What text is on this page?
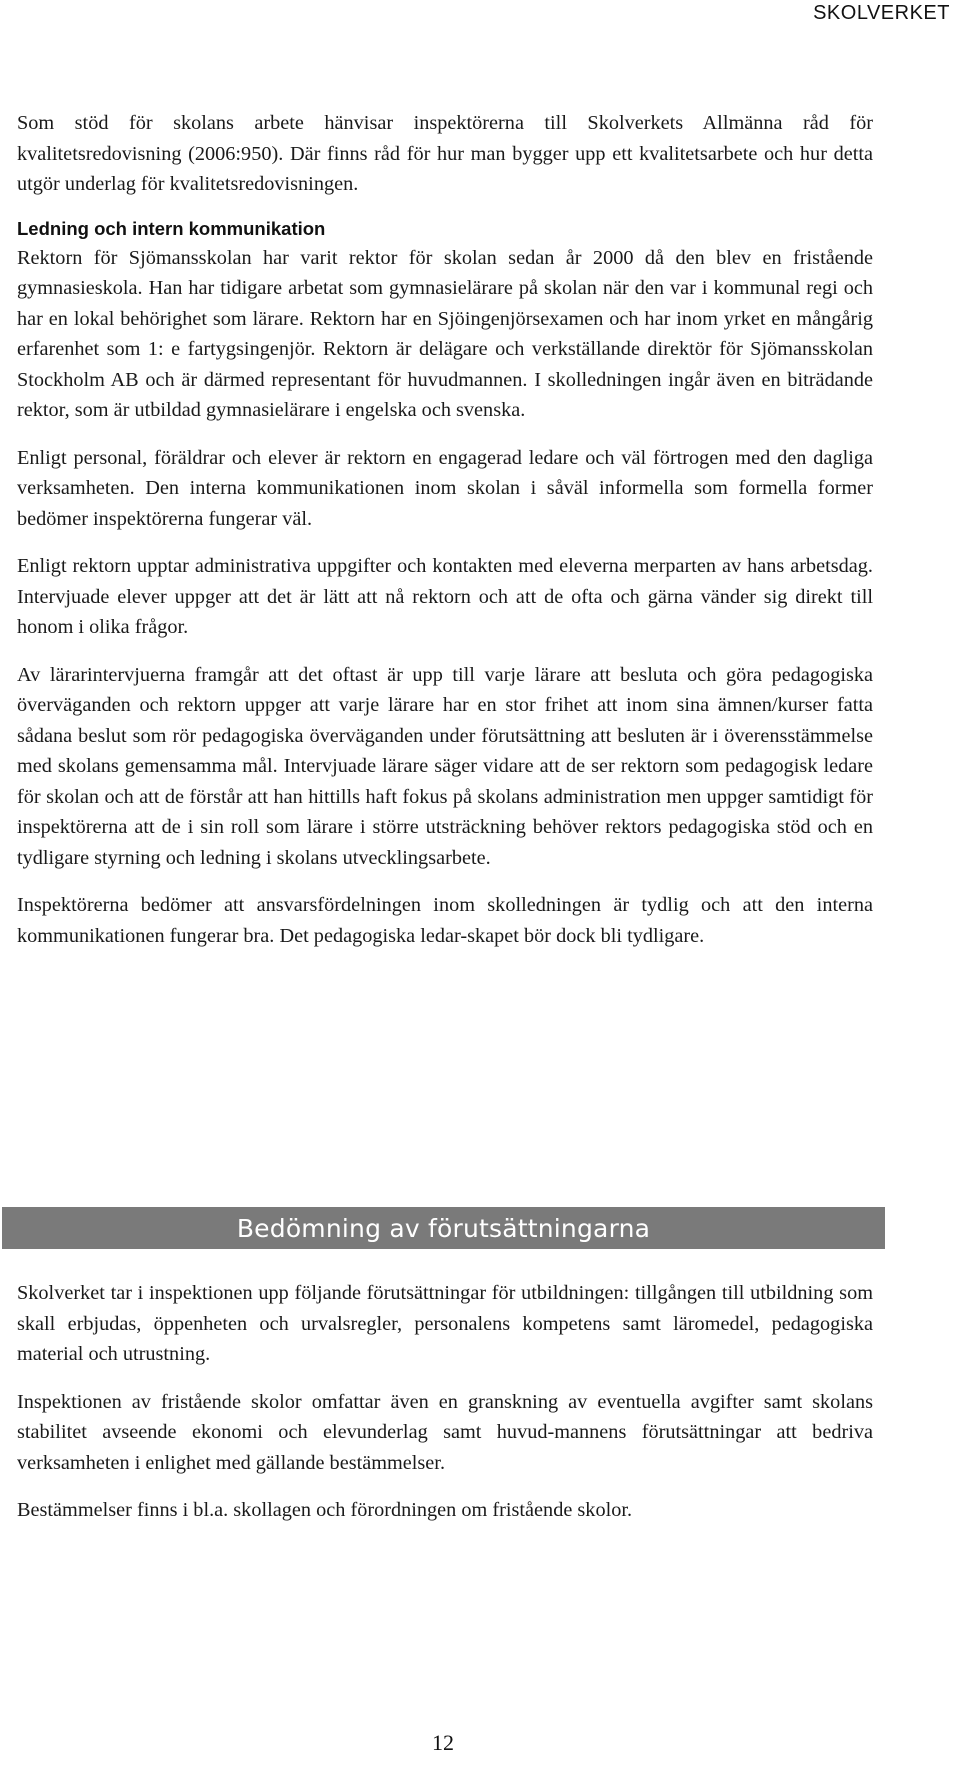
SKOLVERKET

Som stöd för skolans arbete hänvisar inspektörerna till Skolverkets Allmänna råd för kvalitetsredovisning (2006:950). Där finns råd för hur man bygger upp ett kvalitetsarbete och hur detta utgör underlag för kvalitetsredovisningen.

Ledning och intern kommunikation

Rektorn för Sjömansskolan har varit rektor för skolan sedan år 2000 då den blev en fristående gymnasieskola. Han har tidigare arbetat som gymnasielärare på skolan när den var i kommunal regi och har en lokal behörighet som lärare. Rektorn har en Sjöingenjörsexamen och har inom yrket en mångårig erfarenhet som 1: e fartygsingenjör. Rektorn är delägare och verkställande direktör för Sjömansskolan Stockholm AB och är därmed representant för huvudmannen. I skolledningen ingår även en biträdande rektor, som är utbildad gymnasielärare i engelska och svenska.

Enligt personal, föräldrar och elever är rektorn en engagerad ledare och väl förtrogen med den dagliga verksamheten. Den interna kommunikationen inom skolan i såväl informella som formella former bedömer inspektörerna fungerar väl.

Enligt rektorn upptar administrativa uppgifter och kontakten med eleverna merparten av hans arbetsdag. Intervjuade elever uppger att det är lätt att nå rektorn och att de ofta och gärna vänder sig direkt till honom i olika frågor.

Av lärarintervjuerna framgår att det oftast är upp till varje lärare att besluta och göra pedagogiska överväganden och rektorn uppger att varje lärare har en stor frihet att inom sina ämnen/kurser fatta sådana beslut som rör pedagogiska överväganden under förutsättning att besluten är i överensstämmelse med skolans gemensamma mål. Intervjuade lärare säger vidare att de ser rektorn som pedagogisk ledare för skolan och att de förstår att han hittills haft fokus på skolans administration men uppger samtidigt för inspektörerna att de i sin roll som lärare i större utsträckning behöver rektors pedagogiska stöd och en tydligare styrning och ledning i skolans utvecklingsarbete.

Inspektörerna bedömer att ansvarsfördelningen inom skolledningen är tydlig och att den interna kommunikationen fungerar bra. Det pedagogiska ledar-skapet bör dock bli tydligare.

Bedömning av förutsättningarna

Skolverket tar i inspektionen upp följande förutsättningar för utbildningen: tillgången till utbildning som skall erbjudas, öppenheten och urvalsregler, personalens kompetens samt läromedel, pedagogiska material och utrustning.

Inspektionen av fristående skolor omfattar även en granskning av eventuella avgifter samt skolans stabilitet avseende ekonomi och elevunderlag samt huvud-mannens förutsättningar att bedriva verksamheten i enlighet med gällande bestämmelser.

Bestämmelser finns i bl.a. skollagen och förordningen om fristående skolor.

12
